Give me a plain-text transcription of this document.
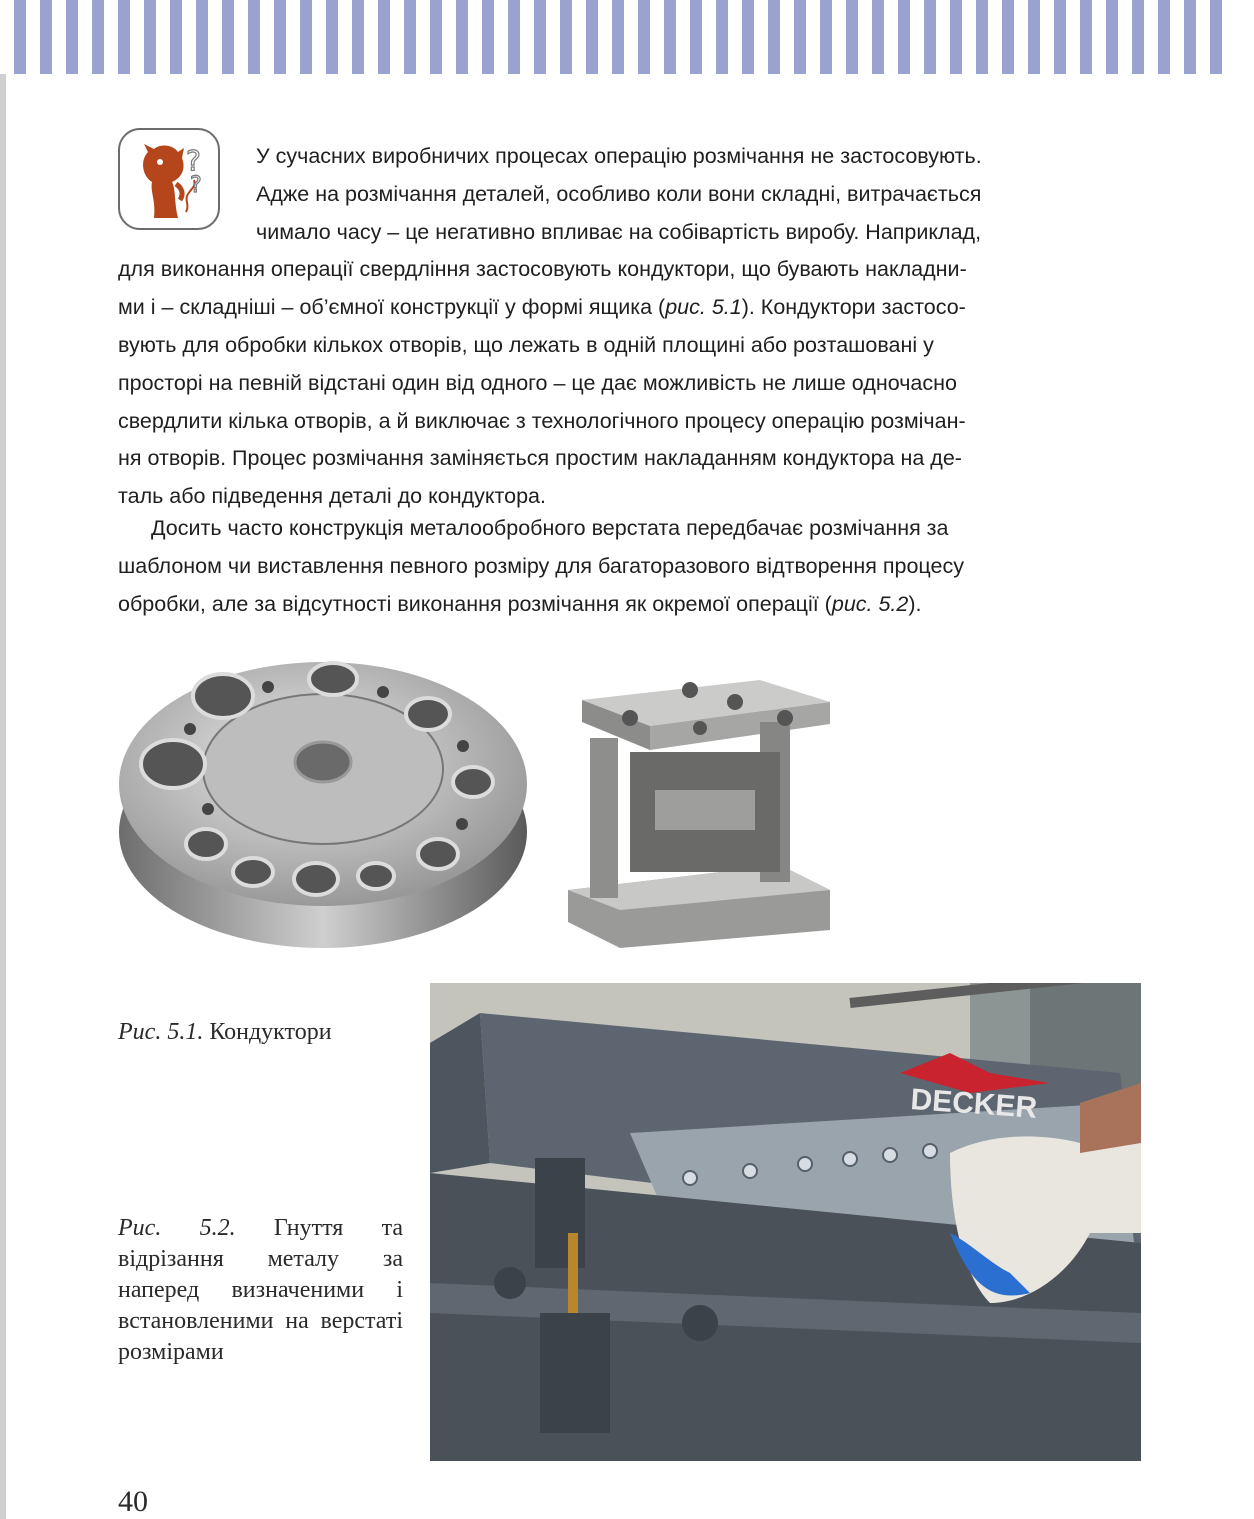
?
?
У сучасних виробничих процесах операцію розмічання не застосовують.
Адже на розмічання деталей, особливо коли вони складні, витрачається
чимало часу – це негативно впливає на собівартість виробу. Наприклад,
для виконання операції свердління застосовують кондуктори, що бувають накладни-
ми і – складніші – об’ємної конструкції у формі ящика (рис. 5.1). Кондуктори застосо-
вують для обробки кількох отворів, що лежать в одній площині або розташовані у
просторі на певній відстані один від одного – це дає можливість не лише одночасно
свердлити кілька отворів, а й виключає з технологічного процесу операцію розмічан-
ня отворів. Процес розмічання заміняється простим накладанням кондуктора на де-
таль або підведення деталі до кондуктора.
Досить часто конструкція металообробного верстата передбачає розмічання за
шаблоном чи виставлення певного розміру для багаторазового відтворення процесу
обробки, але за відсутності виконання розмічання як окремої операції (рис. 5.2).

Рис. 5.1. Кондуктори

DECKER

Рис. 5.2. Гнуття та відрізання металу за наперед визначеними і встановленими на верстаті розмірами

40
